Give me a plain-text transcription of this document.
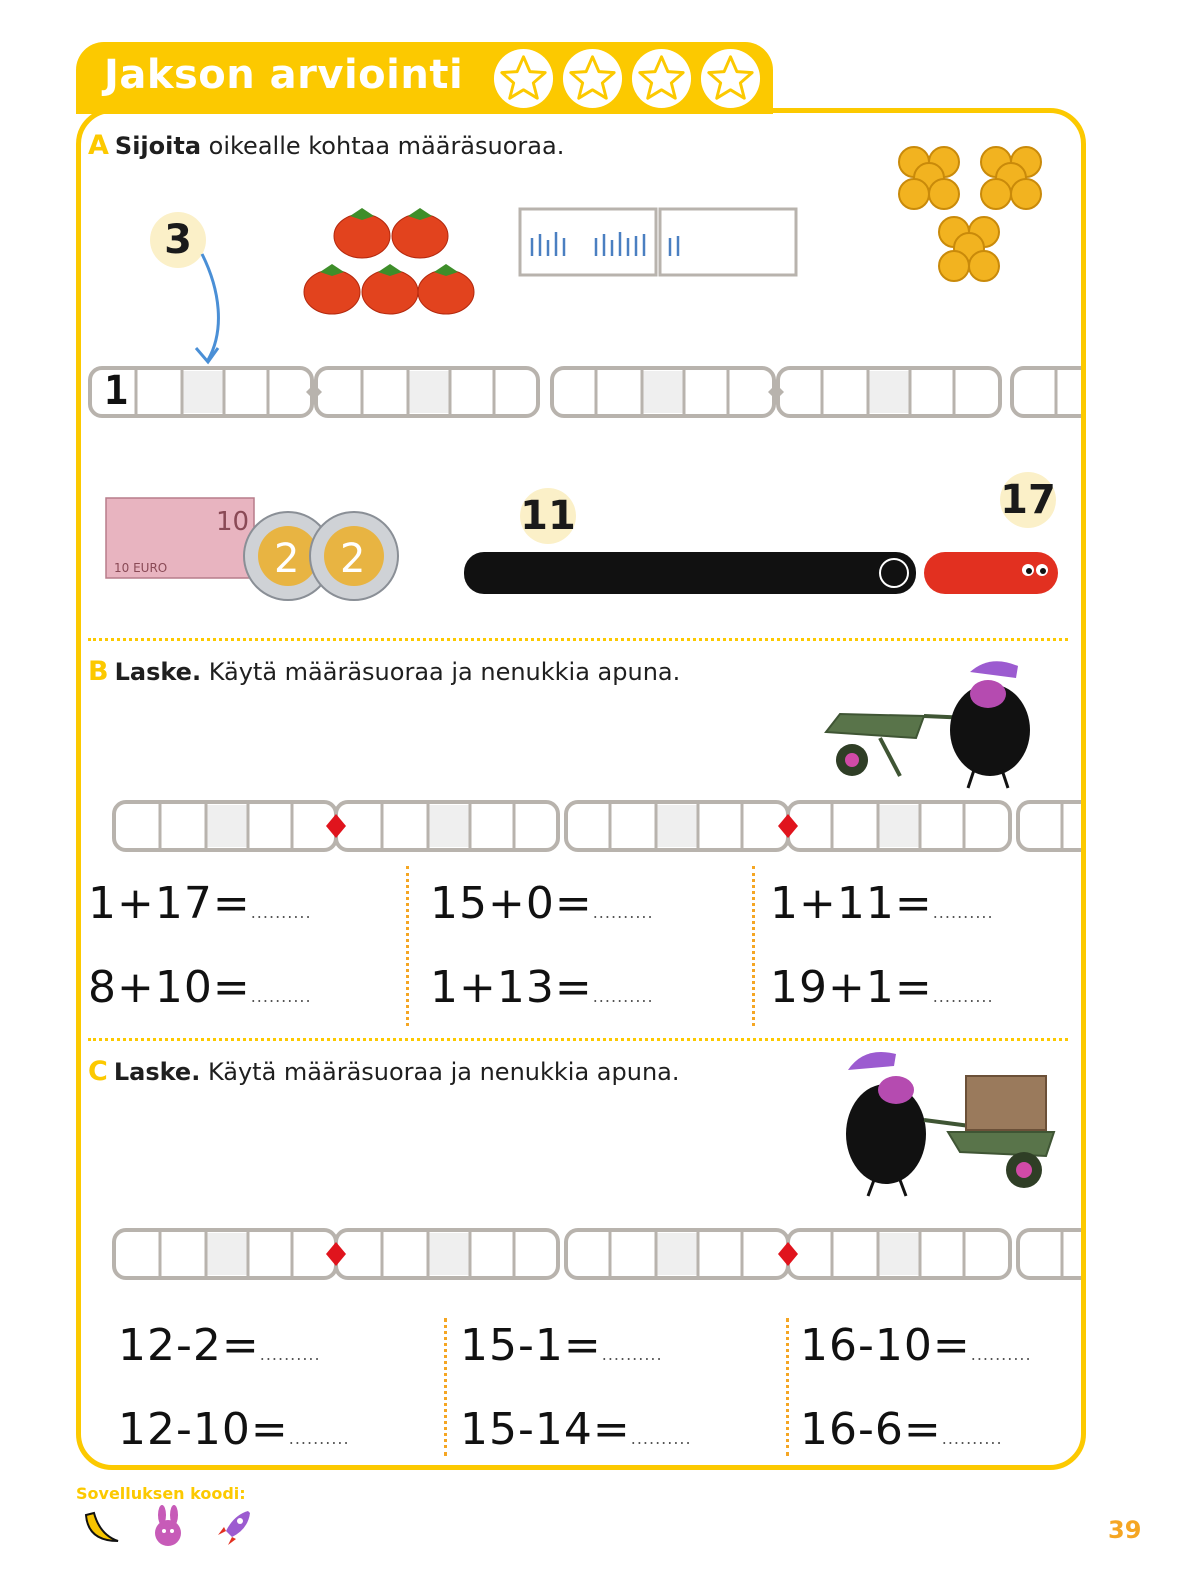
Jakson arviointi
A Sijoita oikealle kohtaa määräsuoraa.
3
1
10
10 EURO	2 2
11	17
B Laske. Käytä määräsuoraa ja nenukkia apuna.
1+17=..........
8+10=..........
15+0=..........
1+13=..........
1+11=..........
19+1=..........
C Laske. Käytä määräsuoraa ja nenukkia apuna.
12-2=..........
12-10=..........
15-1=..........
15-14=..........
16-10=..........
16-6=..........
Sovelluksen koodi:
39
